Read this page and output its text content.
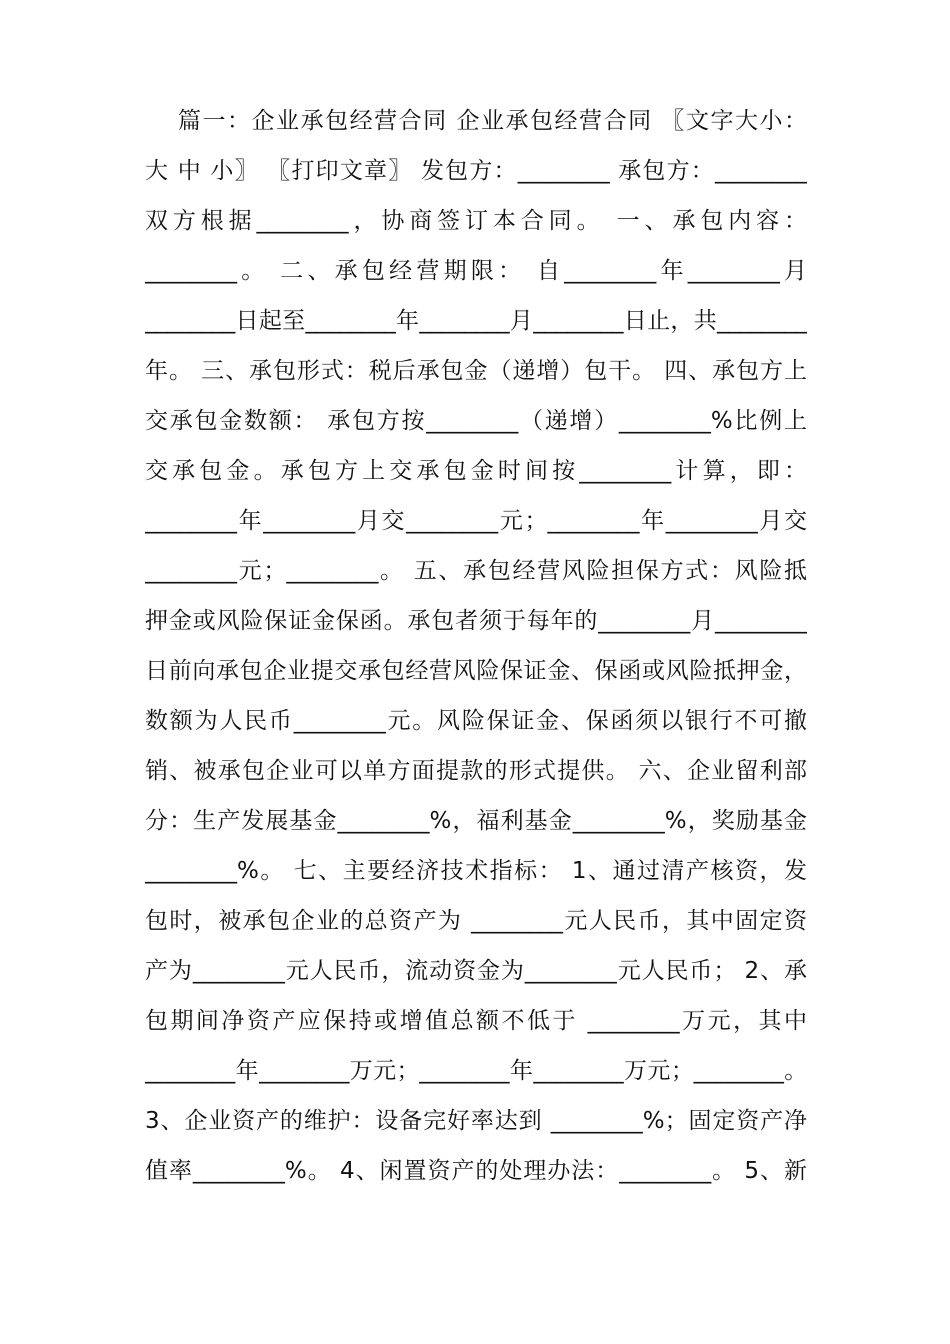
篇一：企业承包经营合同 企业承包经营合同 〖文字大小：
大 中 小〗 〖打印文章〗 发包方：________ 承包方：________
双方根据________，协商签订本合同。 一、承包内容：
________。 二、承包经营期限： 自________年________月
________日起至________年________月________日止，共________
年。 三、承包形式：税后承包金（递增）包干。 四、承包方上
交承包金数额： 承包方按________（递增）________%比例上
交承包金。承包方上交承包金时间按________计算，即：
________年________月交________元；________年________月交
________元；________。 五、承包经营风险担保方式：风险抵
押金或风险保证金保函。承包者须于每年的________月________
日前向承包企业提交承包经营风险保证金、保函或风险抵押金，
数额为人民币________元。风险保证金、保函须以银行不可撤
销、被承包企业可以单方面提款的形式提供。 六、企业留利部
分：生产发展基金________%，福利基金________%，奖励基金
________%。 七、主要经济技术指标： 1、通过清产核资，发
包时，被承包企业的总资产为 ________元人民币，其中固定资
产为________元人民币，流动资金为________元人民币； 2、承
包期间净资产应保持或增值总额不低于 ________万元，其中
________年________万元；________年________万元；________。
3、企业资产的维护：设备完好率达到 ________%；固定资产净
值率________%。 4、闲置资产的处理办法：________。 5、新
